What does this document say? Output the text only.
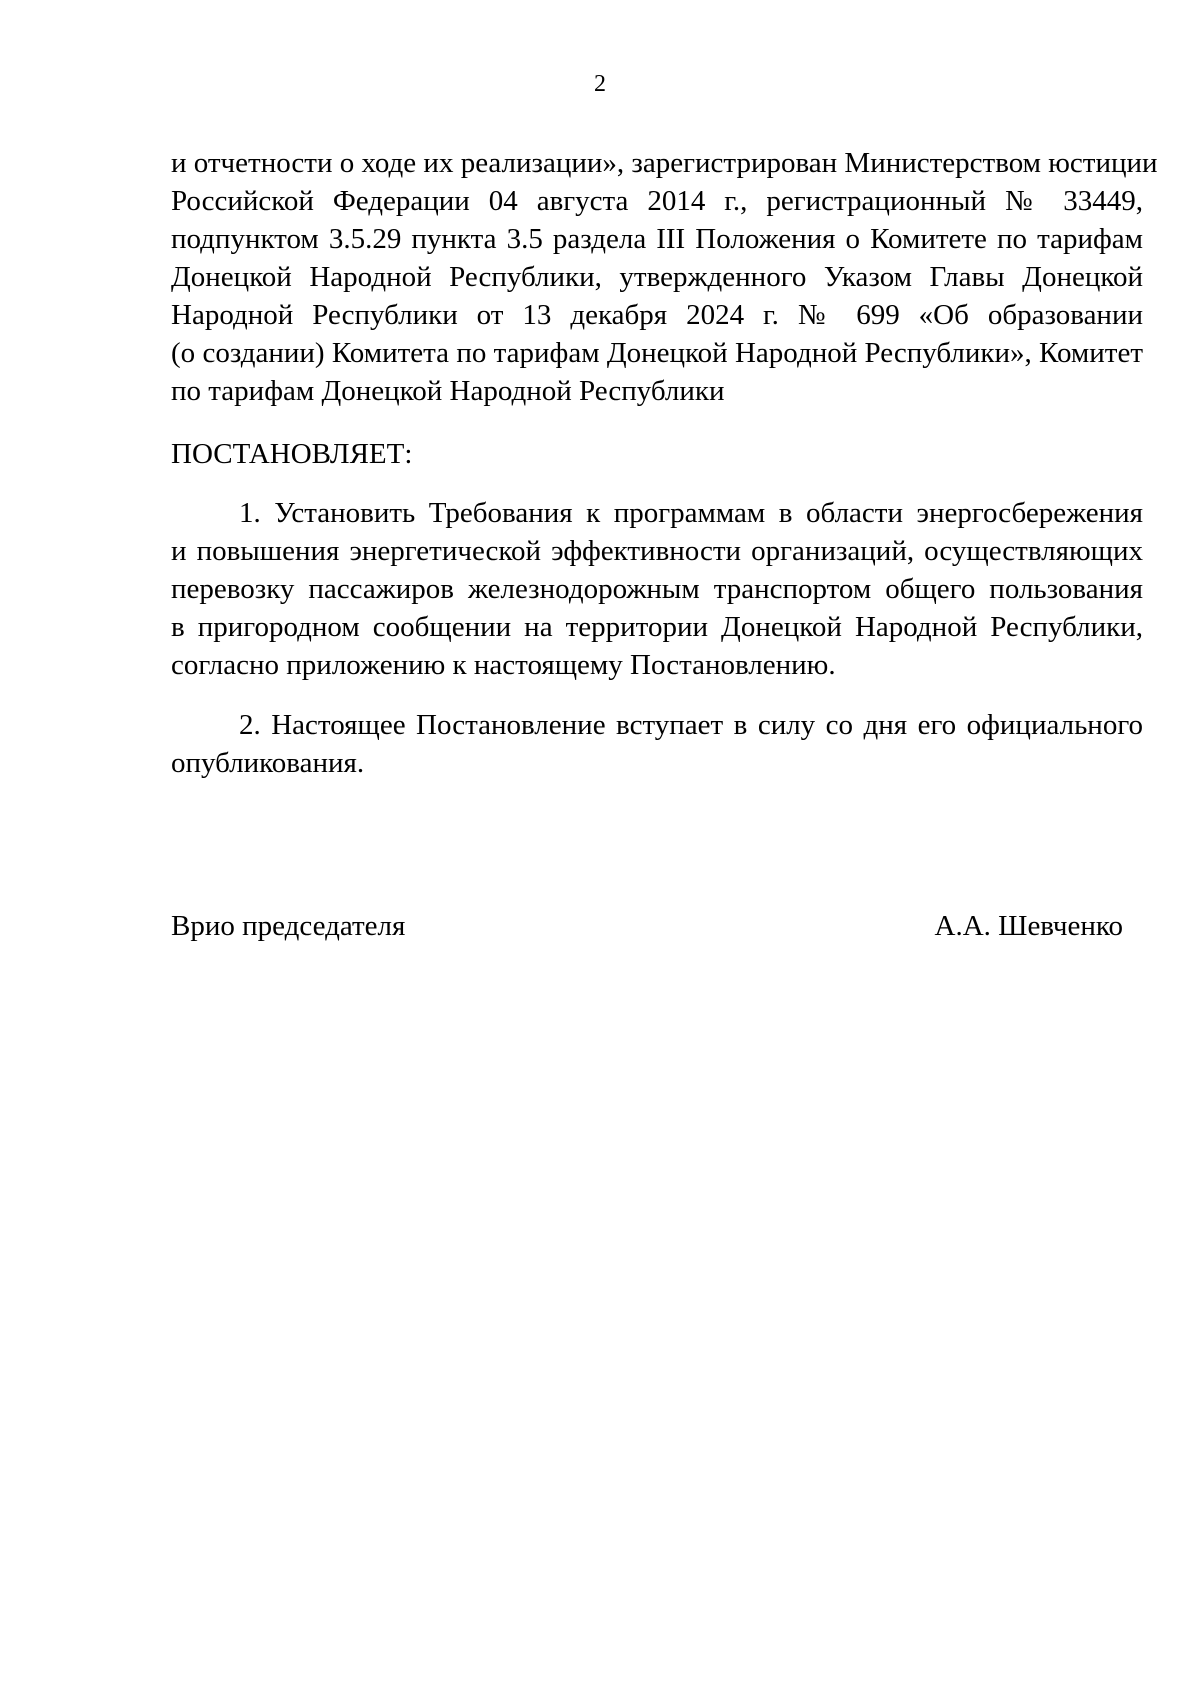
2
и отчетности о ходе их реализации», зарегистрирован Министерством юстиции
Российской Федерации 04 августа 2014 г., регистрационный № 33449,
подпунктом 3.5.29 пункта 3.5 раздела III Положения о Комитете по тарифам
Донецкой Народной Республики, утвержденного Указом Главы Донецкой
Народной Республики от 13 декабря 2024 г. № 699 «Об образовании
(о создании) Комитета по тарифам Донецкой Народной Республики», Комитет
по тарифам Донецкой Народной Республики
ПОСТАНОВЛЯЕТ:
1. Установить Требования к программам в области энергосбережения
и повышения энергетической эффективности организаций, осуществляющих
перевозку пассажиров железнодорожным транспортом общего пользования
в пригородном сообщении на территории Донецкой Народной Республики,
согласно приложению к настоящему Постановлению.
2. Настоящее Постановление вступает в силу со дня его официального
опубликования.
Врио председателя	А.А. Шевченко
